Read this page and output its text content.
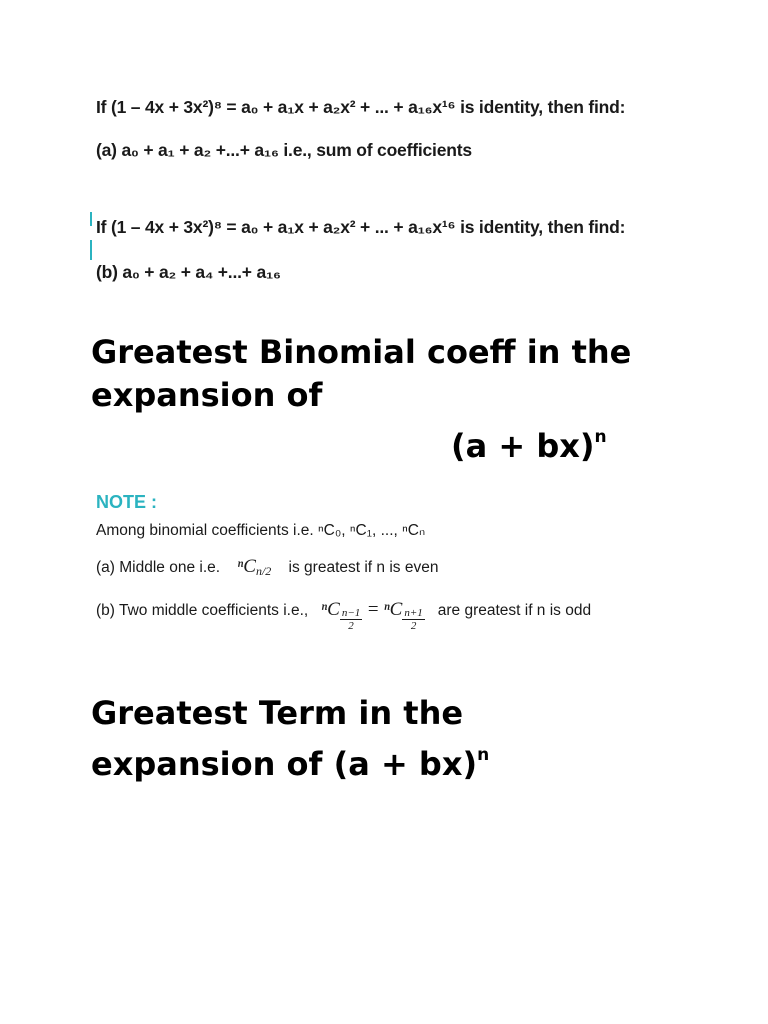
If (1 – 4x + 3x²)⁸ = a₀ + a₁x + a₂x² + ... + a₁₆x¹⁶ is identity, then find:
(a) a₀ + a₁ + a₂ +...+ a₁₆ i.e., sum of coefficients
If (1 – 4x + 3x²)⁸ = a₀ + a₁x + a₂x² + ... + a₁₆x¹⁶ is identity, then find:
(b) a₀ + a₂ + a₄ +...+ a₁₆
Greatest Binomial coeff in the
expansion of
(a + bx)$^n$
NOTE :
Among binomial coefficients i.e. ⁿC₀, ⁿC₁, ..., ⁿCₙ
(a) Middle one i.e. ⁿC$_{n/2}$ is greatest if n is even
(b) Two middle coefficients i.e., ⁿC $\frac{n-1}{2} = ^nC \frac{n+1}{2}$ are greatest if n is odd
Greatest Term in the
expansion of (a + bx)$^n$
